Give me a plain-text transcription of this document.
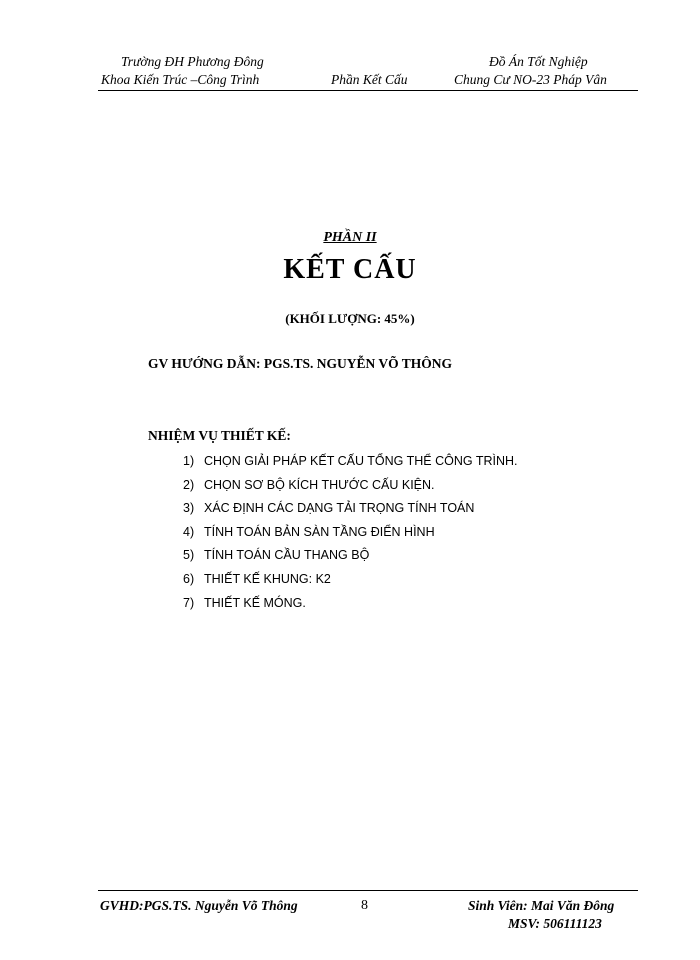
Trường ĐH Phương Đông
Khoa Kiến Trúc –Công Trình	Phần Kết Cấu
Đồ Án Tốt Nghiệp
Chung Cư NO-23 Pháp Vân
PHẦN II
KẾT CẤU
(KHỐI LƯỢNG: 45%)
GV HƯỚNG DẪN: PGS.TS. NGUYỄN VÕ THÔNG
NHIỆM VỤ THIẾT KẾ:
1) CHỌN GIẢI PHÁP KẾT CẤU TỔNG THỂ CÔNG TRÌNH.
2) CHỌN SƠ BỘ KÍCH THƯỚC CẤU KIỆN.
3) XÁC ĐỊNH CÁC DẠNG TẢI TRỌNG TÍNH TOÁN
4) TÍNH TOÁN BẢN SÀN TẦNG ĐIỂN HÌNH
5) TÍNH TOÁN CẦU THANG BỘ
6) THIẾT KẾ KHUNG: K2
7) THIẾT KẾ MÓNG.
GVHD:PGS.TS. Nguyễn Võ Thông	8	Sinh Viên: Mai Văn Đông
MSV: 506111123
